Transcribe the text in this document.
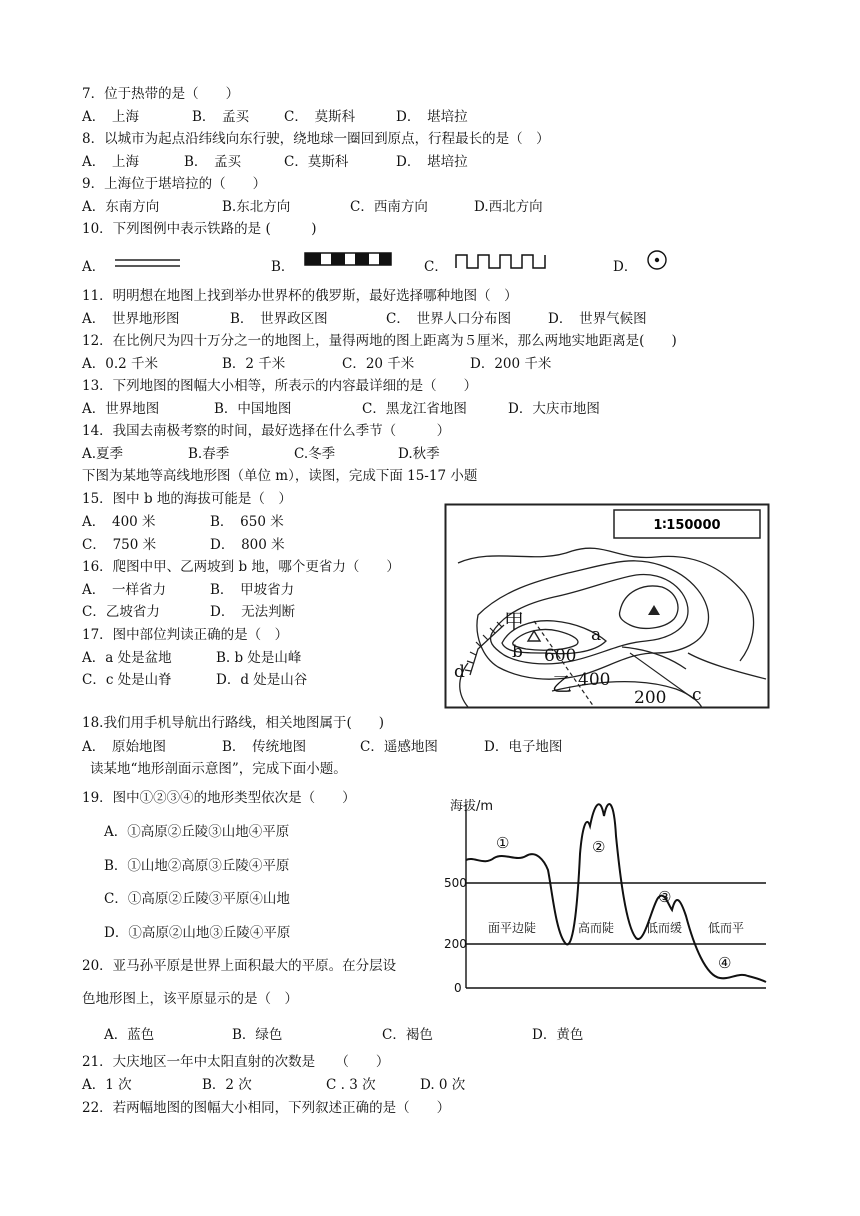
7．位于热带的是（　　）
A．　上海	B．　孟买	C．　莫斯科	D．　堪培拉
8．以城市为起点沿纬线向东行驶，绕地球一圈回到原点，行程最长的是（　）
A．　上海	B．　孟买	C．莫斯科	D．　堪培拉
9．上海位于堪培拉的（　　）
A．东南方向	B.东北方向	C．西南方向	D.西北方向
10．下列图例中表示铁路的是 (　　　)
A．	B．	C．	D．
11．明明想在地图上找到举办世界杯的俄罗斯，最好选择哪种地图（　）
A．　世界地形图	B．　世界政区图	C．　世界人口分布图	D．　世界气候图
12．在比例尺为四十万分之一的地图上，量得两地的图上距离为５厘米，那么两地实地距离是(　　)
A．0.2 千米	B．2 千米	C．20 千米	D．200 千米
13．下列地图的图幅大小相等，所表示的内容最详细的是（　　）
A．世界地图	B．中国地图	C．黑龙江省地图	D．大庆市地图
14．我国去南极考察的时间，最好选择在什么季节（　　　）
A.夏季	B.春季	C.冬季	D.秋季
下图为某地等高线地形图（单位 m），读图，完成下面 15-17 小题
15．图中 b 地的海拔可能是（　）
A．　400 米	B．　650 米
C．　750 米	D．　800 米
16．爬图中甲、乙两坡到 b 地，哪个更省力（　　）
A．　一样省力	B．　甲坡省力
C．乙坡省力	D．　无法判断
17．图中部位判读正确的是（　）
A．a 处是盆地	B. b 处是山峰
C．c 处是山脊	D．d 处是山谷
1∶150000
甲
乙
a
b
c
d
600
400
200
18.我们用手机导航出行路线，相关地图属于(　　)
A．　原始地图	B．　传统地图	C．遥感地图	D．电子地图
读某地“地形剖面示意图”，完成下面小题。
19．图中①②③④的地形类型依次是（　　）
A．①高原②丘陵③山地④平原
B．①山地②高原③丘陵④平原
C．①高原②丘陵③平原④山地
D．①高原②山地③丘陵④平原
海拔/m
500
200
0
①	②
③
④
面平边陡	高而陡	低而缓 低而平
20．亚马孙平原是世界上面积最大的平原。在分层设
色地形图上，该平原显示的是（　）
A．蓝色	B．绿色	C．褐色	D．黄色
21．大庆地区一年中太阳直射的次数是　　（　　）
A．1 次	B．2 次	C . 3 次	D. 0 次
22．若两幅地图的图幅大小相同，下列叙述正确的是（　　）
